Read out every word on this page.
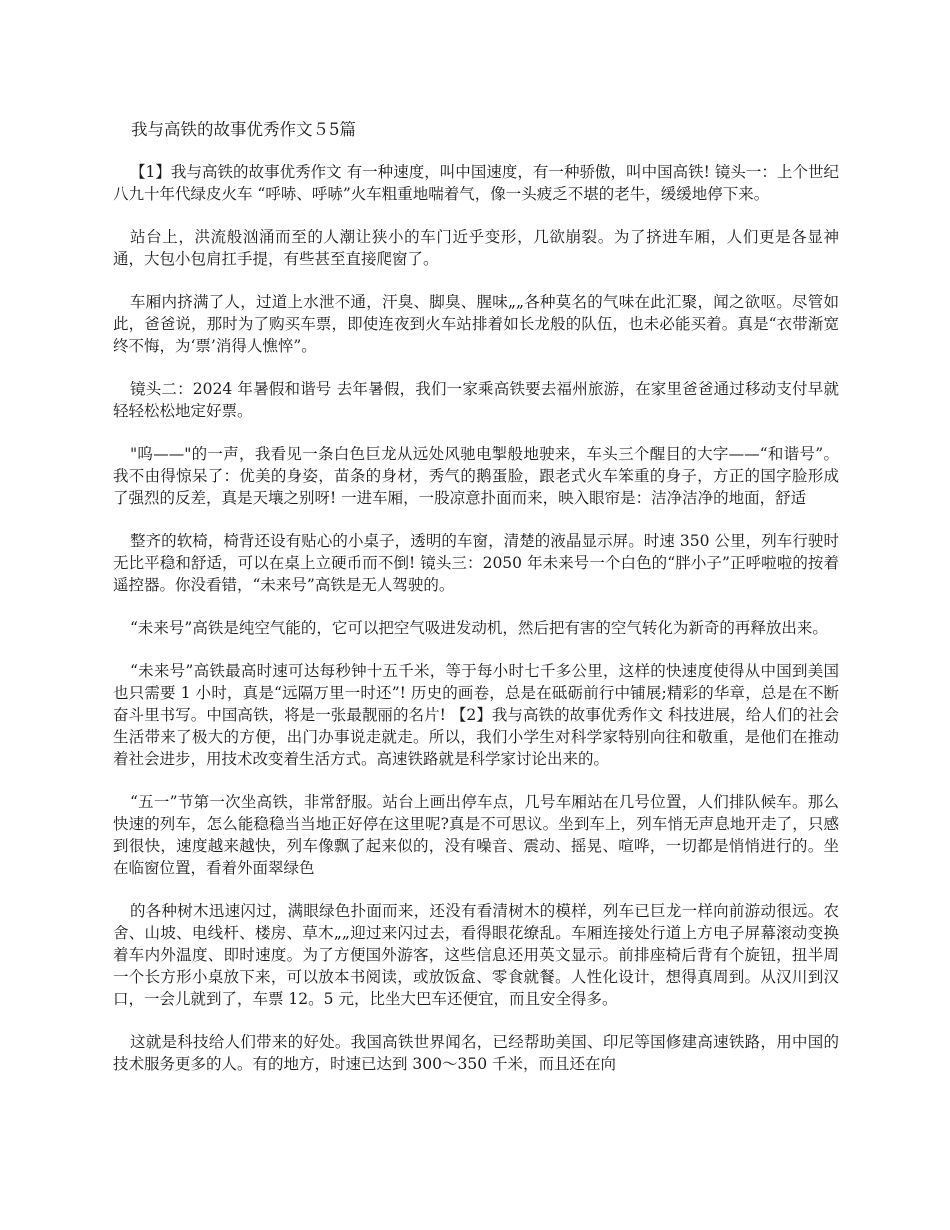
我与高铁的故事优秀作文５5篇

【1】我与高铁的故事优秀作文 有一种速度，叫中国速度，有一种骄傲，叫中国高铁! 镜头一：上个世纪八九十年代绿皮火车 “呼哧、呼哧”火车粗重地喘着气，像一头疲乏不堪的老牛，缓缓地停下来。

站台上，洪流般汹涌而至的人潮让狭小的车门近乎变形，几欲崩裂。为了挤进车厢，人们更是各显神通，大包小包肩扛手提，有些甚至直接爬窗了。

车厢内挤满了人，过道上水泄不通，汗臭、脚臭、腥味„„各种莫名的气味在此汇聚，闻之欲呕。尽管如此，爸爸说，那时为了购买车票，即使连夜到火车站排着如长龙般的队伍，也未必能买着。真是“衣带渐宽终不悔，为‘票’消得人憔悴”。

镜头二：2024 年暑假和谐号 去年暑假，我们一家乘高铁要去福州旅游，在家里爸爸通过移动支付早就轻轻松松地定好票。

"呜——"的一声，我看见一条白色巨龙从远处风驰电掣般地驶来，车头三个醒目的大字——“和谐号”。我不由得惊呆了：优美的身姿，苗条的身材，秀气的鹅蛋脸，跟老式火车笨重的身子，方正的国字脸形成了强烈的反差，真是天壤之别呀! 一进车厢，一股凉意扑面而来，映入眼帘是：洁净洁净的地面，舒适

整齐的软椅，椅背还设有贴心的小桌子，透明的车窗，清楚的液晶显示屏。时速 350 公里，列车行驶时无比平稳和舒适，可以在桌上立硬币而不倒! 镜头三：2050 年未来号一个白色的“胖小子”正呼啦啦的按着遥控器。你没看错，“未来号”高铁是无人驾驶的。

“未来号”高铁是纯空气能的，它可以把空气吸进发动机，然后把有害的空气转化为新奇的再释放出来。

“未来号”高铁最高时速可达每秒钟十五千米，等于每小时七千多公里，这样的快速度使得从中国到美国也只需要 1 小时，真是“远隔万里一时还”! 历史的画卷，总是在砥砺前行中铺展;精彩的华章，总是在不断奋斗里书写。中国高铁，将是一张最靓丽的名片! 【2】我与高铁的故事优秀作文 科技进展，给人们的社会生活带来了极大的方便，出门办事说走就走。所以，我们小学生对科学家特别向往和敬重，是他们在推动着社会进步，用技术改变着生活方式。高速铁路就是科学家讨论出来的。

“五一”节第一次坐高铁，非常舒服。站台上画出停车点，几号车厢站在几号位置，人们排队候车。那么快速的列车，怎么能稳稳当当地正好停在这里呢?真是不可思议。坐到车上，列车悄无声息地开走了，只感到很快，速度越来越快，列车像飘了起来似的，没有噪音、震动、摇晃、喧哗，一切都是悄悄进行的。坐在临窗位置，看着外面翠绿色

的各种树木迅速闪过，满眼绿色扑面而来，还没有看清树木的模样，列车已巨龙一样向前游动很远。农舍、山坡、电线杆、楼房、草木„„迎过来闪过去，看得眼花缭乱。车厢连接处行道上方电子屏幕滚动变换着车内外温度、即时速度。为了方便国外游客，这些信息还用英文显示。前排座椅后背有个旋钮，扭半周一个长方形小桌放下来，可以放本书阅读，或放饭盒、零食就餐。人性化设计，想得真周到。从汉川到汉口，一会儿就到了，车票 12。5 元，比坐大巴车还便宜，而且安全得多。

这就是科技给人们带来的好处。我国高铁世界闻名，已经帮助美国、印尼等国修建高速铁路，用中国的技术服务更多的人。有的地方，时速已达到 300～350 千米，而且还在向
